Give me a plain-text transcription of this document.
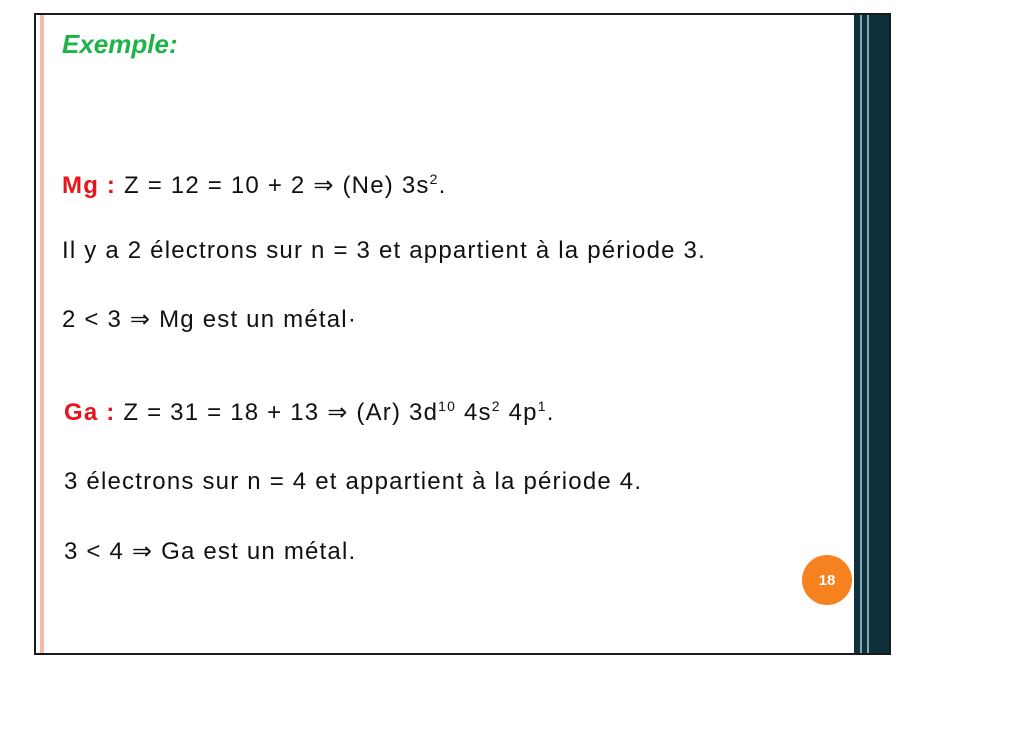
Exemple:
Mg : Z = 12 = 10 + 2 ⇒ (Ne) $3s^2$.
Il y a 2 électrons sur n = 3 et appartient à la période 3.
2 < 3 ⇒ Mg est un métal·
Ga : Z = 31 = 18 + 13 ⇒ (Ar) $3d^{10}$ $4s^2$ $4p^1$.
3 électrons sur n = 4 et appartient à la période 4.
3 < 4 ⇒ Ga est un métal.
18
